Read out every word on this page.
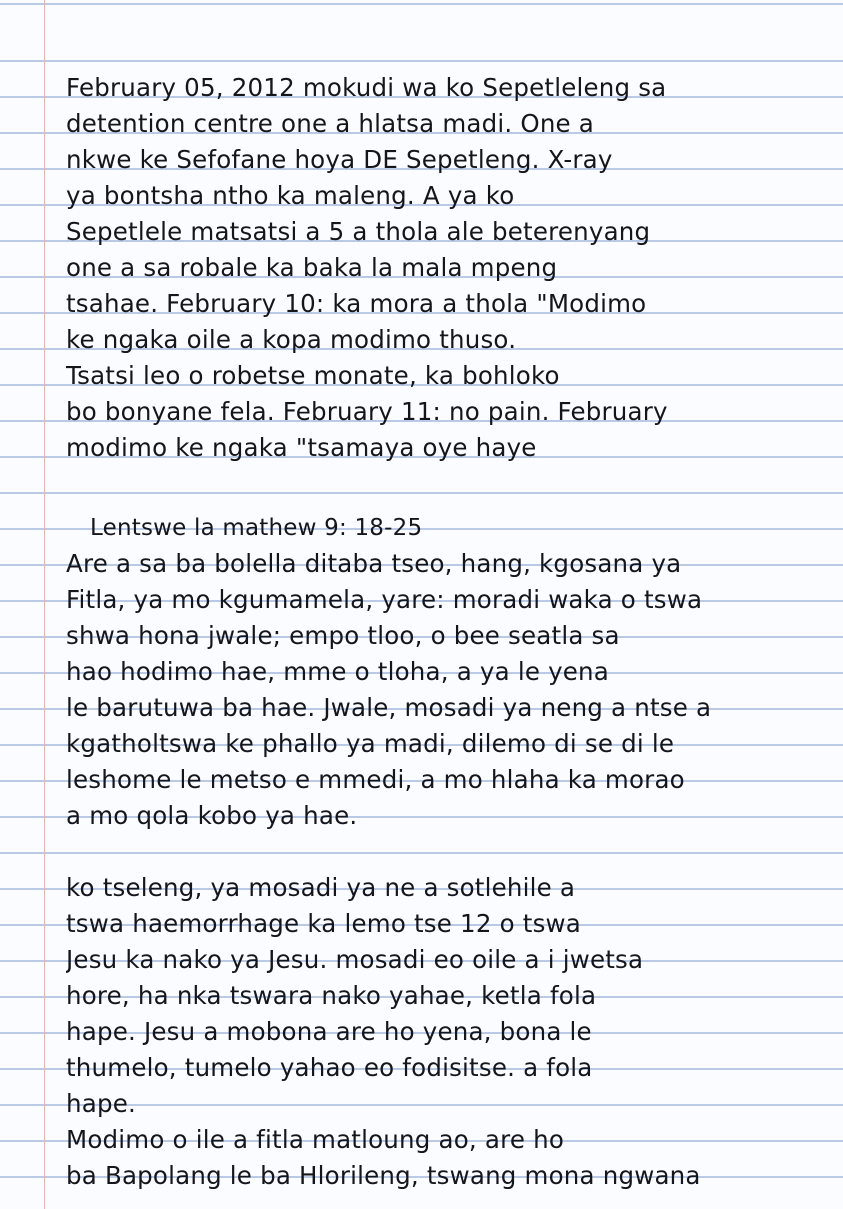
February 05, 2012 mokudi wa ko Sepetleleng sa
detention centre one a hlatsa madi. One a
nkwe ke Sefofane hoya DE Sepetleng. X-ray
ya bontsha ntho ka maleng. A ya ko
Sepetlele matsatsi a 5 a thola ale beterenyang
one a sa robale ka baka la mala mpeng
tsahae. February 10: ka mora a thola "Modimo
ke ngaka oile a kopa modimo thuso.
Tsatsi leo o robetse monate, ka bohloko
bo bonyane fela. February 11: no pain. February
modimo ke ngaka "tsamaya oye haye
Lentswe la mathew 9: 18-25
Are a sa ba bolella ditaba tseo, hang, kgosana ya
Fitla, ya mo kgumamela, yare: moradi waka o tswa
shwa hona jwale; empo tloo, o bee seatla sa
hao hodimo hae, mme o tloha, a ya le yena
le barutuwa ba hae. Jwale, mosadi ya neng a ntse a
kgatholtswa ke phallo ya madi, dilemo di se di le
leshome le metso e mmedi, a mo hlaha ka morao
a mo qola kobo ya hae.
ko tseleng, ya mosadi ya ne a sotlehile a
tswa haemorrhage ka lemo tse 12 o tswa
Jesu ka nako ya Jesu. mosadi eo oile a i jwetsa
hore, ha nka tswara nako yahae, ketla fola
hape. Jesu a mobona are ho yena, bona le
thumelo, tumelo yahao eo fodisitse. a fola
hape.
Modimo o ile a fitla matloung ao, are ho
ba Bapolang le ba Hlorileng, tswang mona ngwana
